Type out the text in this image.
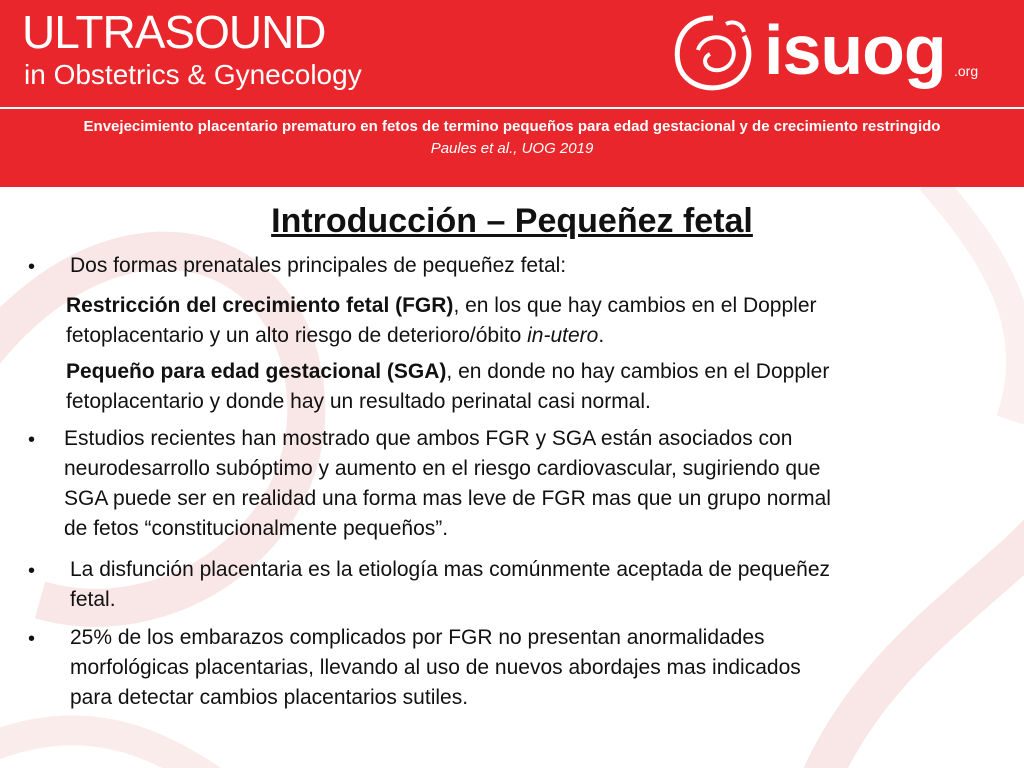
ULTRASOUND
in Obstetrics & Gynecology	isuog .org
Envejecimiento placentario prematuro en fetos de termino pequeños para edad gestacional y de crecimiento restringido
Paules et al., UOG 2019
Introducción – Pequeñez fetal
• Dos formas prenatales principales de pequeñez fetal:
Restricción del crecimiento fetal (FGR), en los que hay cambios en el Doppler
fetoplacentario y un alto riesgo de deterioro/óbito in-utero.
Pequeño para edad gestacional (SGA), en donde no hay cambios en el Doppler
fetoplacentario y donde hay un resultado perinatal casi normal.
• Estudios recientes han mostrado que ambos FGR y SGA están asociados con
neurodesarrollo subóptimo y aumento en el riesgo cardiovascular, sugiriendo que
SGA puede ser en realidad una forma mas leve de FGR mas que un grupo normal
de fetos “constitucionalmente pequeños”.
• La disfunción placentaria es la etiología mas comúnmente aceptada de pequeñez
fetal.
• 25% de los embarazos complicados por FGR no presentan anormalidades
morfológicas placentarias, llevando al uso de nuevos abordajes mas indicados
para detectar cambios placentarios sutiles.
